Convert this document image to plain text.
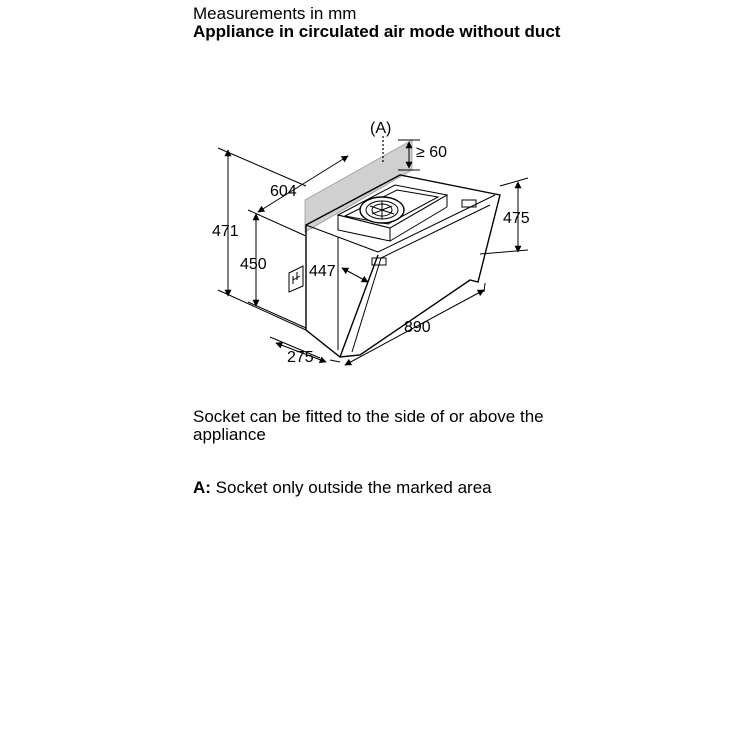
Measurements in mm

Appliance in circulated air mode without duct

(A)
≥ 60
604
471
450	447
475
890
275

Socket can be fitted to the side of or above the appliance

A: Socket only outside the marked area
